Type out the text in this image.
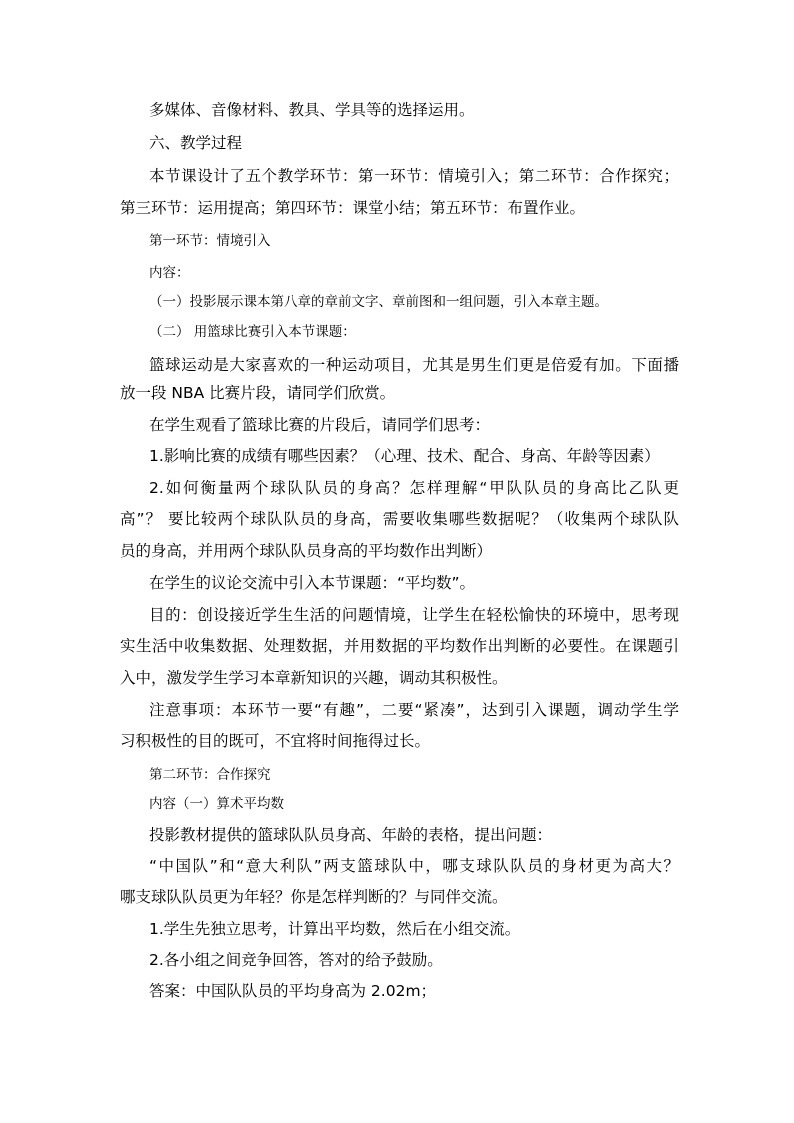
多媒体、音像材料、教具、学具等的选择运用。
六、教学过程
本节课设计了五个教学环节：第一环节：情境引入；第二环节：合作探究；
第三环节：运用提高；第四环节：课堂小结；第五环节：布置作业。
第一环节：情境引入
内容：
（一）投影展示课本第八章的章前文字、章前图和一组问题，引入本章主题。
（二） 用篮球比赛引入本节课题：
篮球运动是大家喜欢的一种运动项目，尤其是男生们更是倍爱有加。下面播
放一段 NBA 比赛片段，请同学们欣赏。
在学生观看了篮球比赛的片段后，请同学们思考：
1.影响比赛的成绩有哪些因素？（心理、技术、配合、身高、年龄等因素）
2.如何衡量两个球队队员的身高？怎样理解“甲队队员的身高比乙队更
高”？ 要比较两个球队队员的身高，需要收集哪些数据呢？（收集两个球队队
员的身高，并用两个球队队员身高的平均数作出判断）
在学生的议论交流中引入本节课题：“平均数”。
目的：创设接近学生生活的问题情境，让学生在轻松愉快的环境中，思考现
实生活中收集数据、处理数据，并用数据的平均数作出判断的必要性。在课题引
入中，激发学生学习本章新知识的兴趣，调动其积极性。
注意事项：本环节一要“有趣”，二要“紧凑”，达到引入课题，调动学生学
习积极性的目的既可，不宜将时间拖得过长。
第二环节：合作探究
内容（一）算术平均数
投影教材提供的篮球队队员身高、年龄的表格，提出问题：
“中国队”和“意大利队”两支篮球队中，哪支球队队员的身材更为高大？
哪支球队队员更为年轻？你是怎样判断的？与同伴交流。
1.学生先独立思考，计算出平均数，然后在小组交流。
2.各小组之间竞争回答，答对的给予鼓励。
答案：中国队队员的平均身高为 2.02m；
